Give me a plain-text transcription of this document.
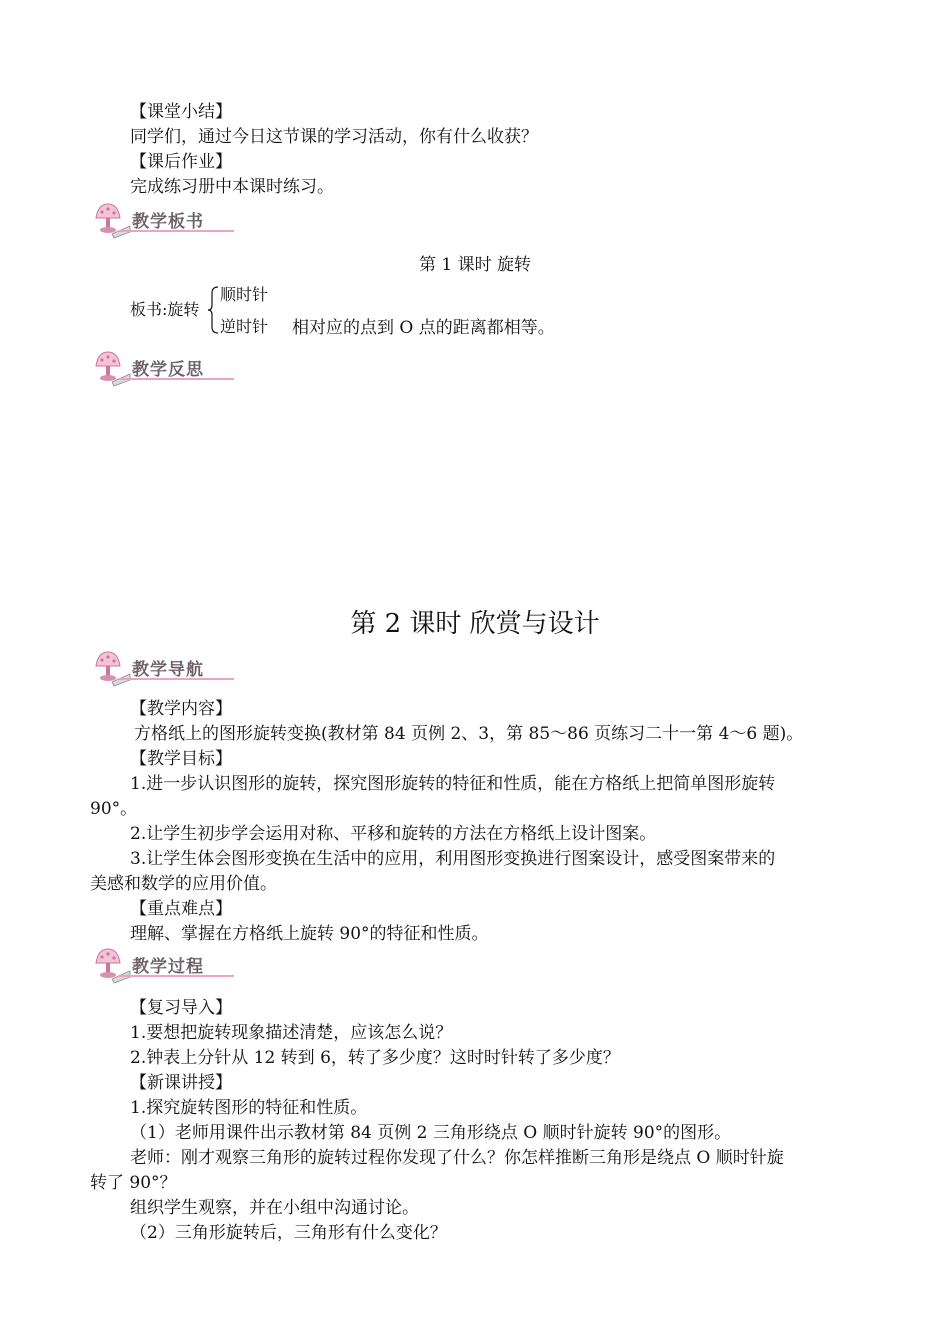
【课堂小结】
同学们，通过今日这节课的学习活动，你有什么收获？
【课后作业】
完成练习册中本课时练习。
教学板书
第 1 课时 旋转
板书:旋转
顺时针
逆时针 相对应的点到 O 点的距离都相等。
教学反思
第 2 课时 欣赏与设计
教学导航
【教学内容】
方格纸上的图形旋转变换(教材第 84 页例 2、3，第 85～86 页练习二十一第 4～6 题)。
【教学目标】
1.进一步认识图形的旋转，探究图形旋转的特征和性质，能在方格纸上把简单图形旋转
90°。
2.让学生初步学会运用对称、平移和旋转的方法在方格纸上设计图案。
3.让学生体会图形变换在生活中的应用，利用图形变换进行图案设计，感受图案带来的
美感和数学的应用价值。
【重点难点】
理解、掌握在方格纸上旋转 90°的特征和性质。
教学过程
【复习导入】
1.要想把旋转现象描述清楚，应该怎么说？
2.钟表上分针从 12 转到 6，转了多少度？这时时针转了多少度？
【新课讲授】
1.探究旋转图形的特征和性质。
（1）老师用课件出示教材第 84 页例 2 三角形绕点 O 顺时针旋转 90°的图形。
老师：刚才观察三角形的旋转过程你发现了什么？你怎样推断三角形是绕点 O 顺时针旋
转了 90°？
组织学生观察，并在小组中沟通讨论。
（2）三角形旋转后，三角形有什么变化？
